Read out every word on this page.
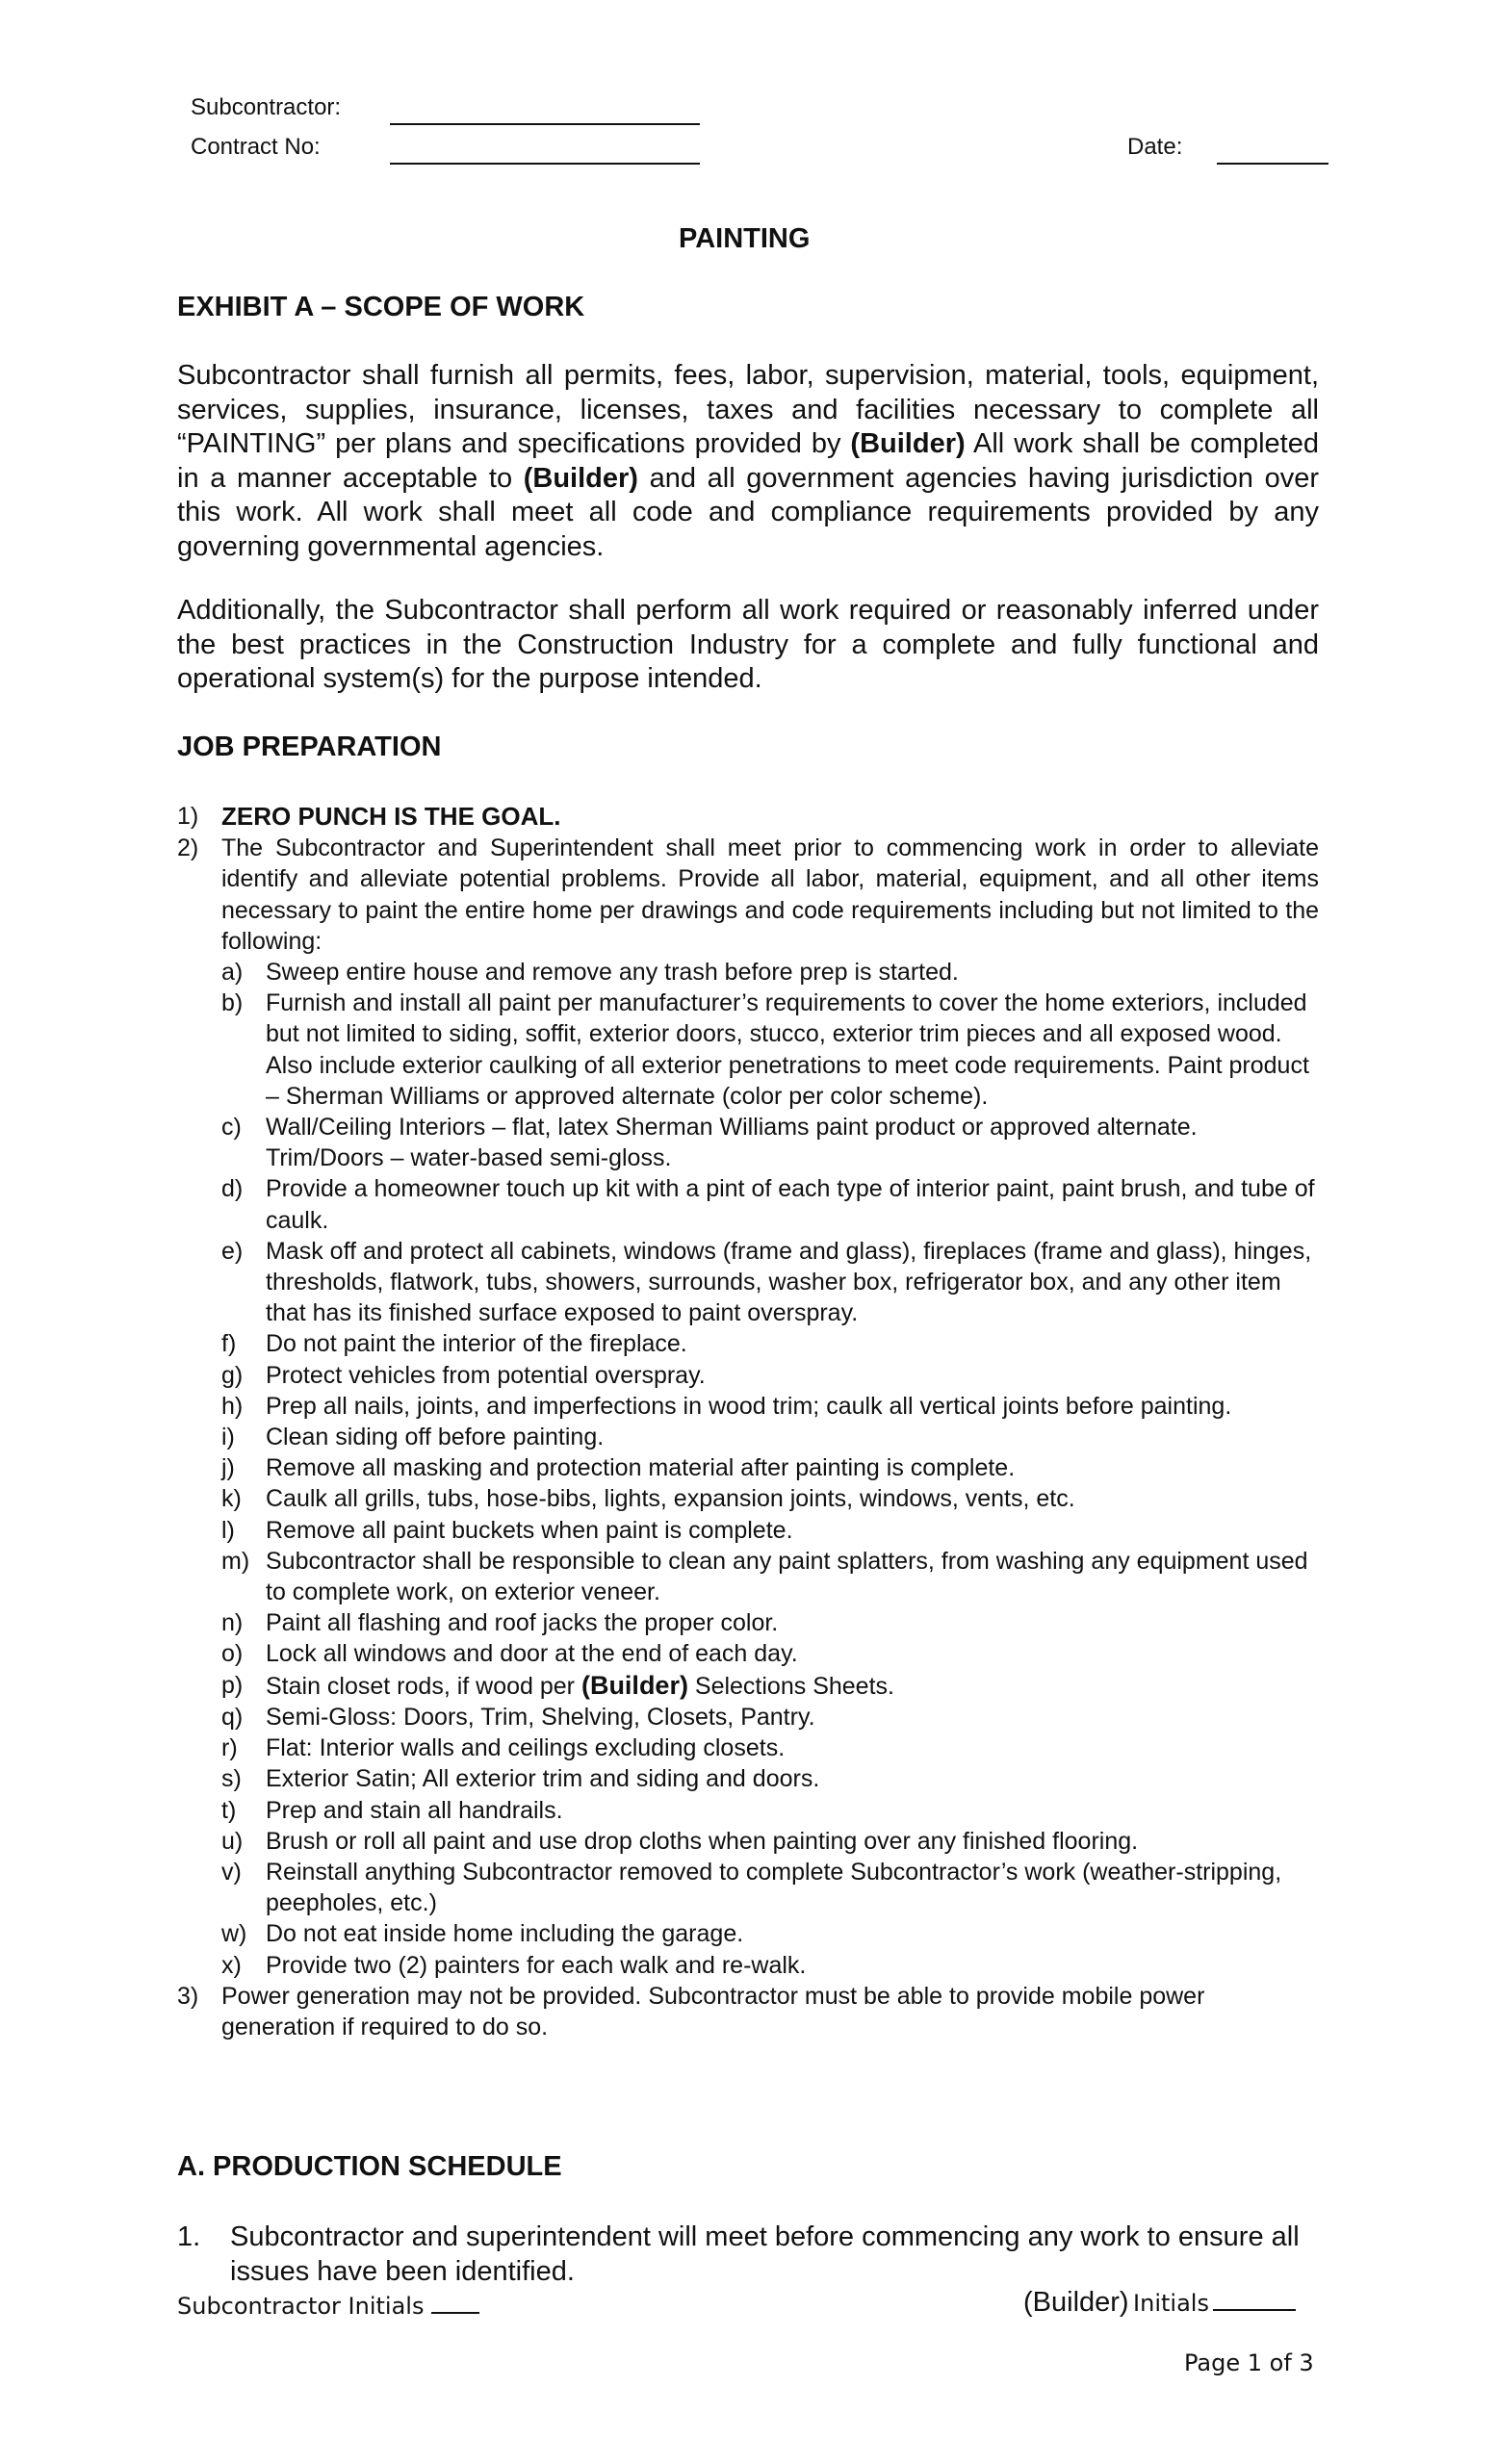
Subcontractor:
Contract No:	Date:
PAINTING
EXHIBIT A – SCOPE OF WORK
Subcontractor shall furnish all permits, fees, labor, supervision, material, tools, equipment, services, supplies, insurance, licenses, taxes and facilities necessary to complete all “PAINTING” per plans and specifications provided by (Builder) All work shall be completed in a manner acceptable to (Builder) and all government agencies having jurisdiction over this work. All work shall meet all code and compliance requirements provided by any governing governmental agencies.
Additionally, the Subcontractor shall perform all work required or reasonably inferred under the best practices in the Construction Industry for a complete and fully functional and operational system(s) for the purpose intended.
JOB PREPARATION
1) ZERO PUNCH IS THE GOAL.
2) The Subcontractor and Superintendent shall meet prior to commencing work in order to alleviate identify and alleviate potential problems. Provide all labor, material, equipment, and all other items necessary to paint the entire home per drawings and code requirements including but not limited to the following:
a) Sweep entire house and remove any trash before prep is started.
b) Furnish and install all paint per manufacturer’s requirements to cover the home exteriors, included but not limited to siding, soffit, exterior doors, stucco, exterior trim pieces and all exposed wood. Also include exterior caulking of all exterior penetrations to meet code requirements. Paint product – Sherman Williams or approved alternate (color per color scheme).
c) Wall/Ceiling Interiors – flat, latex Sherman Williams paint product or approved alternate. Trim/Doors – water-based semi-gloss.
d) Provide a homeowner touch up kit with a pint of each type of interior paint, paint brush, and tube of caulk.
e) Mask off and protect all cabinets, windows (frame and glass), fireplaces (frame and glass), hinges, thresholds, flatwork, tubs, showers, surrounds, washer box, refrigerator box, and any other item that has its finished surface exposed to paint overspray.
f) Do not paint the interior of the fireplace.
g) Protect vehicles from potential overspray.
h) Prep all nails, joints, and imperfections in wood trim; caulk all vertical joints before painting.
i) Clean siding off before painting.
j) Remove all masking and protection material after painting is complete.
k) Caulk all grills, tubs, hose-bibs, lights, expansion joints, windows, vents, etc.
l) Remove all paint buckets when paint is complete.
m) Subcontractor shall be responsible to clean any paint splatters, from washing any equipment used to complete work, on exterior veneer.
n) Paint all flashing and roof jacks the proper color.
o) Lock all windows and door at the end of each day.
p) Stain closet rods, if wood per (Builder) Selections Sheets.
q) Semi-Gloss: Doors, Trim, Shelving, Closets, Pantry.
r) Flat: Interior walls and ceilings excluding closets.
s) Exterior Satin; All exterior trim and siding and doors.
t) Prep and stain all handrails.
u) Brush or roll all paint and use drop cloths when painting over any finished flooring.
v) Reinstall anything Subcontractor removed to complete Subcontractor’s work (weather-stripping, peepholes, etc.)
w) Do not eat inside home including the garage.
x) Provide two (2) painters for each walk and re-walk.
3) Power generation may not be provided. Subcontractor must be able to provide mobile power generation if required to do so.
A. PRODUCTION SCHEDULE
1. Subcontractor and superintendent will meet before commencing any work to ensure all issues have been identified.
Subcontractor Initials	(Builder) Initials
Page 1 of 3
